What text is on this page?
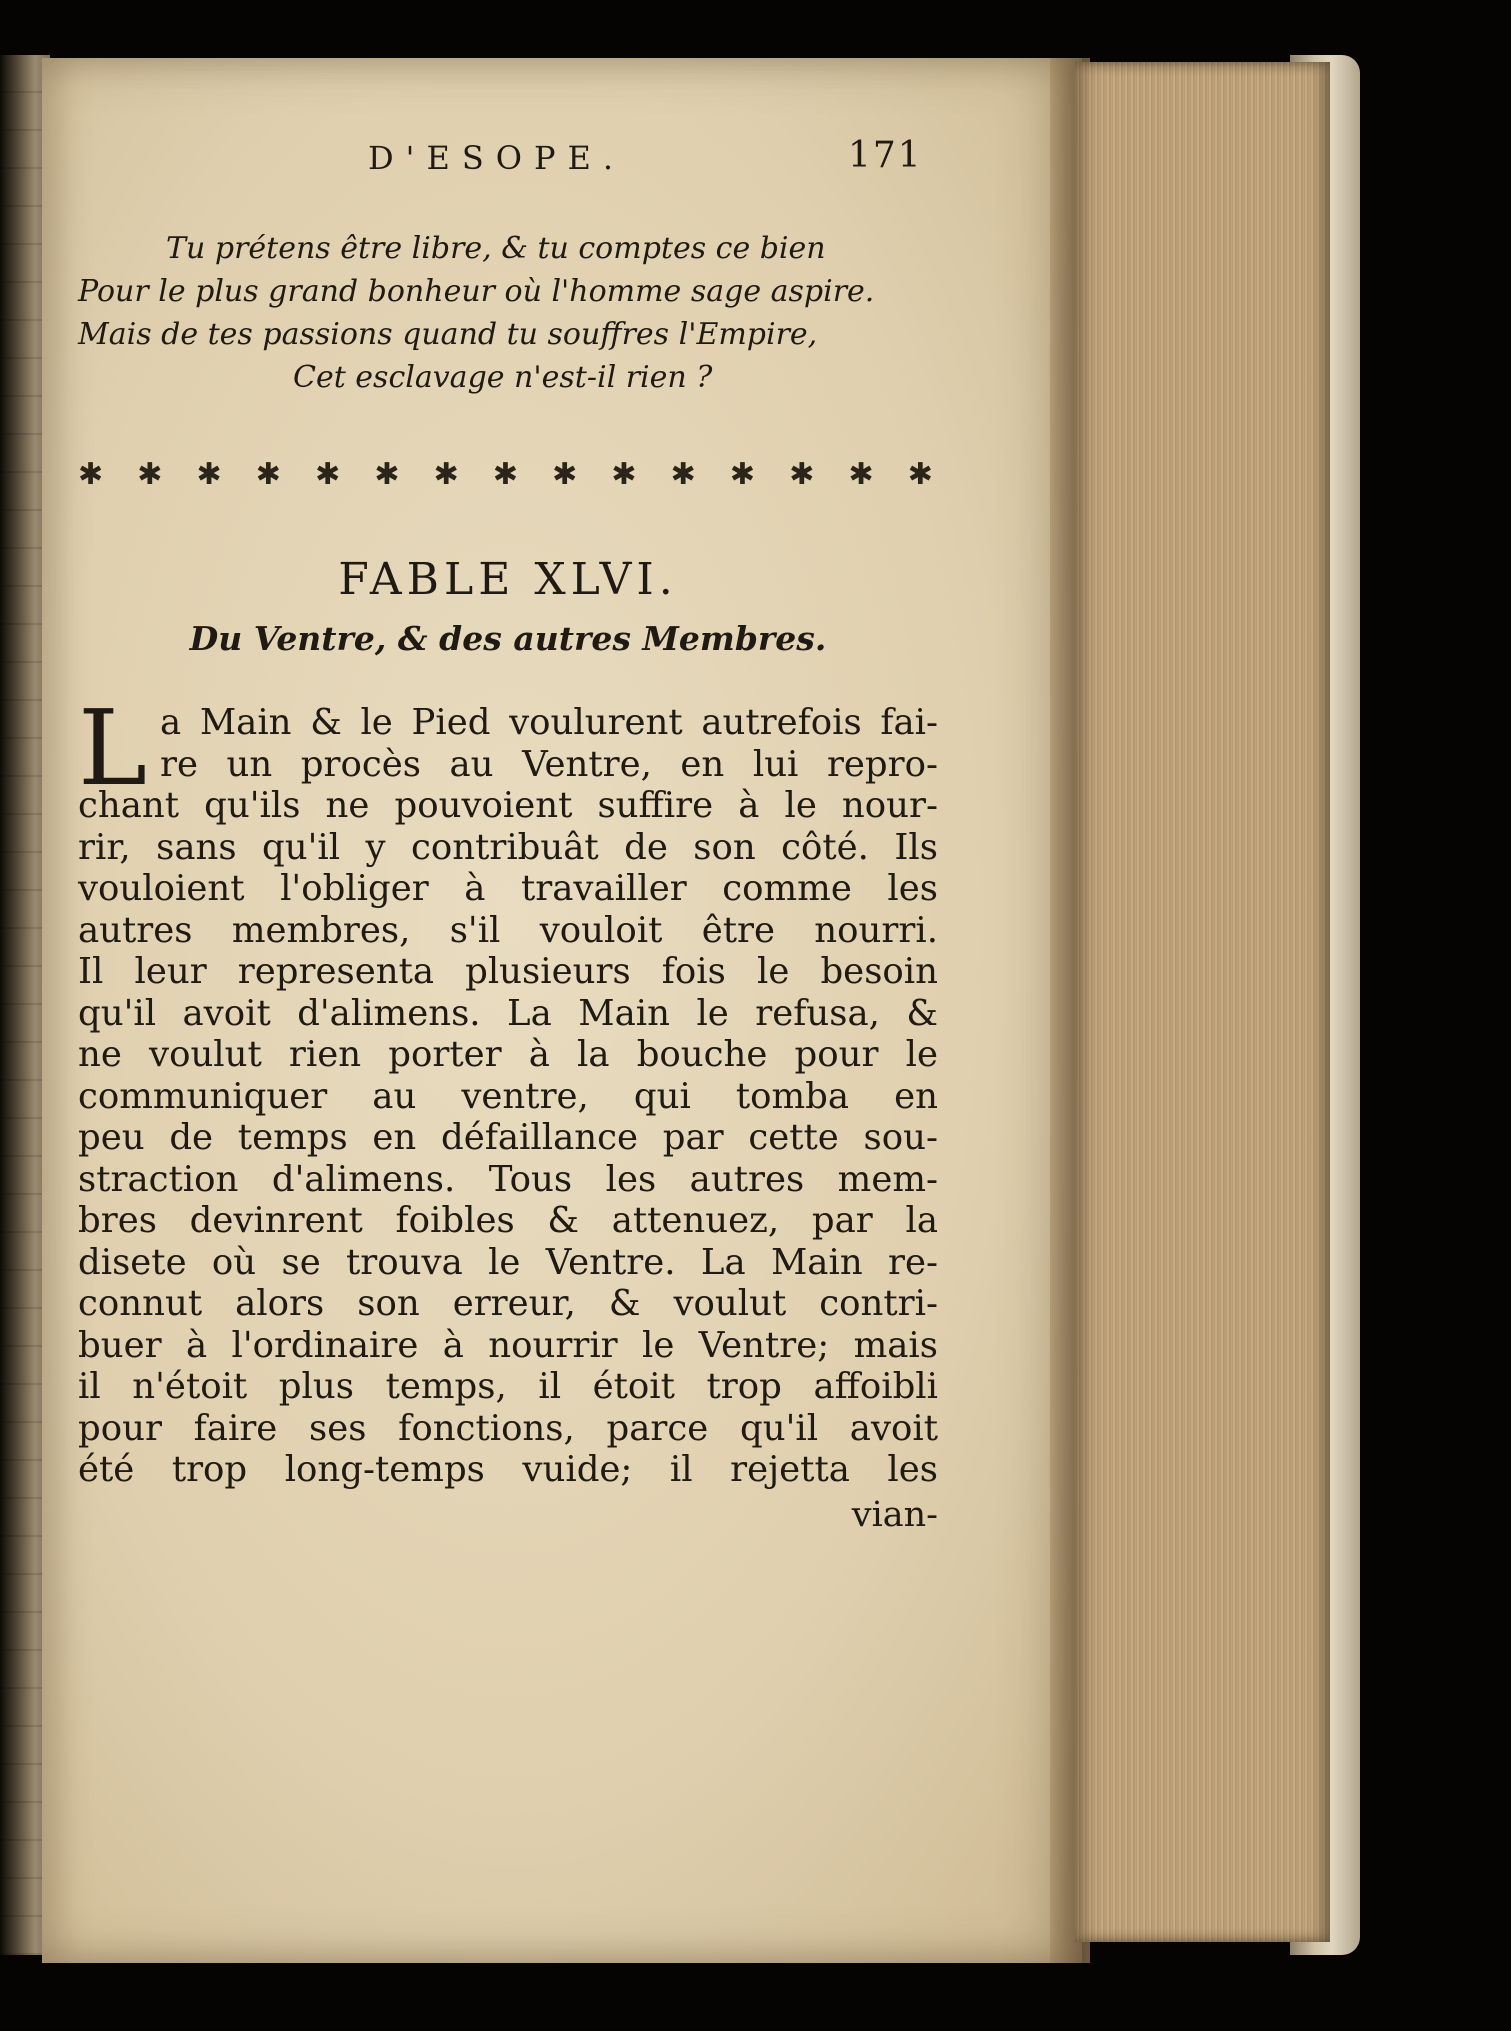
D'ESOPE.	171
Tu prétens être libre, & tu comptes ce bien
Pour le plus grand bonheur où l'homme sage aspire.
Mais de tes passions quand tu souffres l'Empire,
Cet esclavage n'est-il rien ?
✱ ✱ ✱ ✱ ✱ ✱ ✱ ✱ ✱ ✱ ✱ ✱ ✱ ✱ ✱
FABLE XLVI.
Du Ventre, & des autres Membres.
L a Main & le Pied voulurent autrefois fai-
re un procès au Ventre, en lui repro-
chant qu'ils ne pouvoient suffire à le nour-
rir, sans qu'il y contribuât de son côté. Ils
vouloient l'obliger à travailler comme les
autres membres, s'il vouloit être nourri.
Il leur representa plusieurs fois le besoin
qu'il avoit d'alimens. La Main le refusa, &
ne voulut rien porter à la bouche pour le
communiquer au ventre, qui tomba en
peu de temps en défaillance par cette sou-
straction d'alimens. Tous les autres mem-
bres devinrent foibles & attenuez, par la
disete où se trouva le Ventre. La Main re-
connut alors son erreur, & voulut contri-
buer à l'ordinaire à nourrir le Ventre; mais
il n'étoit plus temps, il étoit trop affoibli
pour faire ses fonctions, parce qu'il avoit
été trop long-temps vuide; il rejetta les
vian-
